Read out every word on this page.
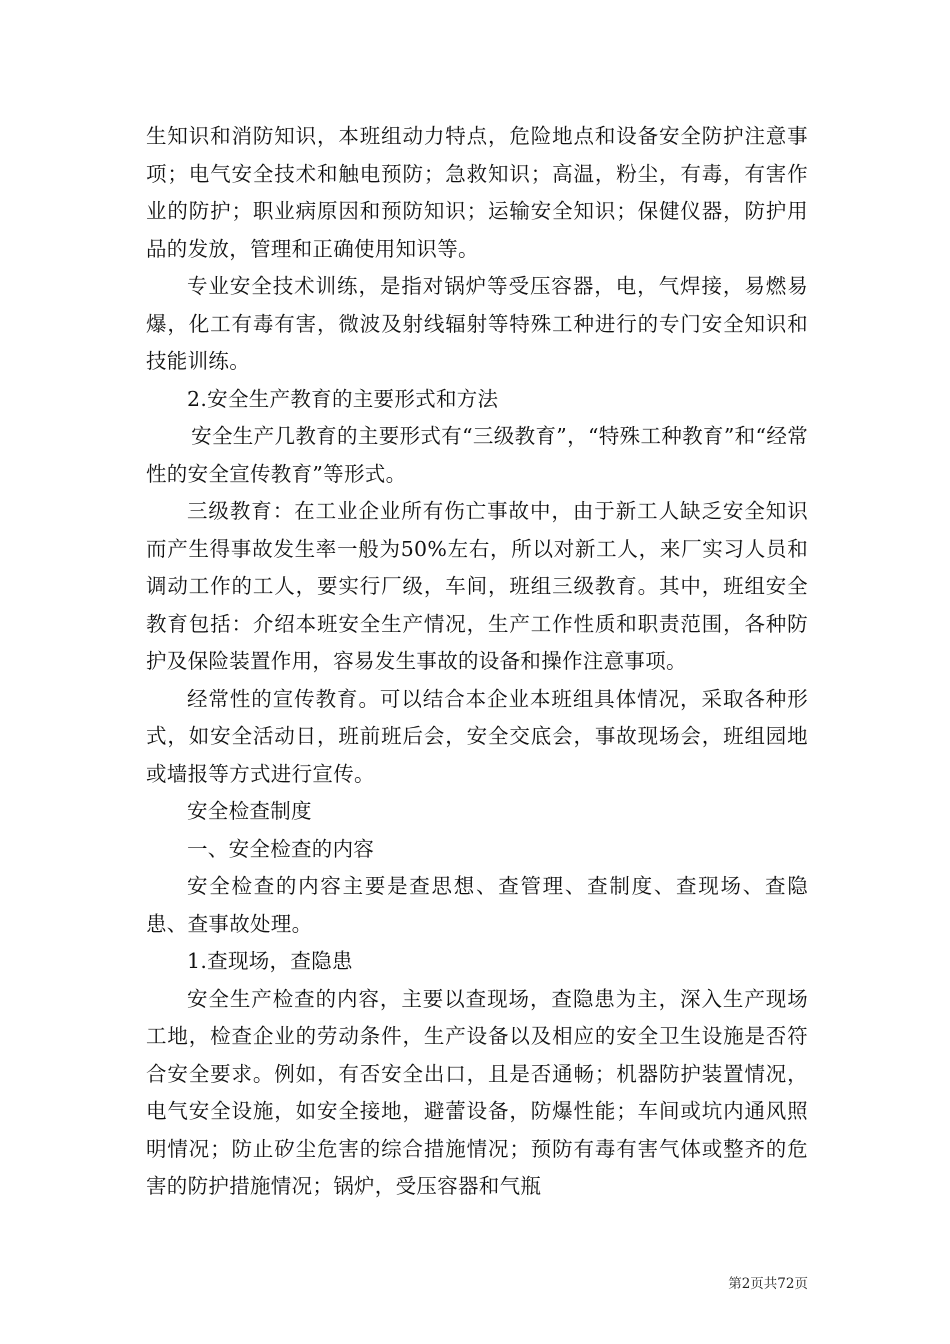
生知识和消防知识，本班组动力特点，危险地点和设备安全防护注意事项；电气安全技术和触电预防；急救知识；高温，粉尘，有毒，有害作业的防护；职业病原因和预防知识；运输安全知识；保健仪器，防护用品的发放，管理和正确使用知识等。

专业安全技术训练，是指对锅炉等受压容器，电，气焊接，易燃易爆，化工有毒有害，微波及射线辐射等特殊工种进行的专门安全知识和技能训练。

2.安全生产教育的主要形式和方法

安全生产几教育的主要形式有“三级教育”，“特殊工种教育”和“经常性的安全宣传教育”等形式。

三级教育：在工业企业所有伤亡事故中，由于新工人缺乏安全知识而产生得事故发生率一般为50%左右，所以对新工人，来厂实习人员和调动工作的工人，要实行厂级，车间，班组三级教育。其中，班组安全教育包括：介绍本班安全生产情况，生产工作性质和职责范围，各种防护及保险装置作用，容易发生事故的设备和操作注意事项。

经常性的宣传教育。可以结合本企业本班组具体情况，采取各种形式，如安全活动日，班前班后会，安全交底会，事故现场会，班组园地或墙报等方式进行宣传。

安全检查制度

一、安全检查的内容

安全检查的内容主要是查思想、查管理、查制度、查现场、查隐患、查事故处理。

1.查现场，查隐患

安全生产检查的内容，主要以查现场，查隐患为主，深入生产现场工地，检查企业的劳动条件，生产设备以及相应的安全卫生设施是否符合安全要求。例如，有否安全出口，且是否通畅；机器防护装置情况，电气安全设施，如安全接地，避蕾设备，防爆性能；车间或坑内通风照明情况；防止矽尘危害的综合措施情况；预防有毒有害气体或整齐的危害的防护措施情况；锅炉，受压容器和气瓶

第2页共72页
